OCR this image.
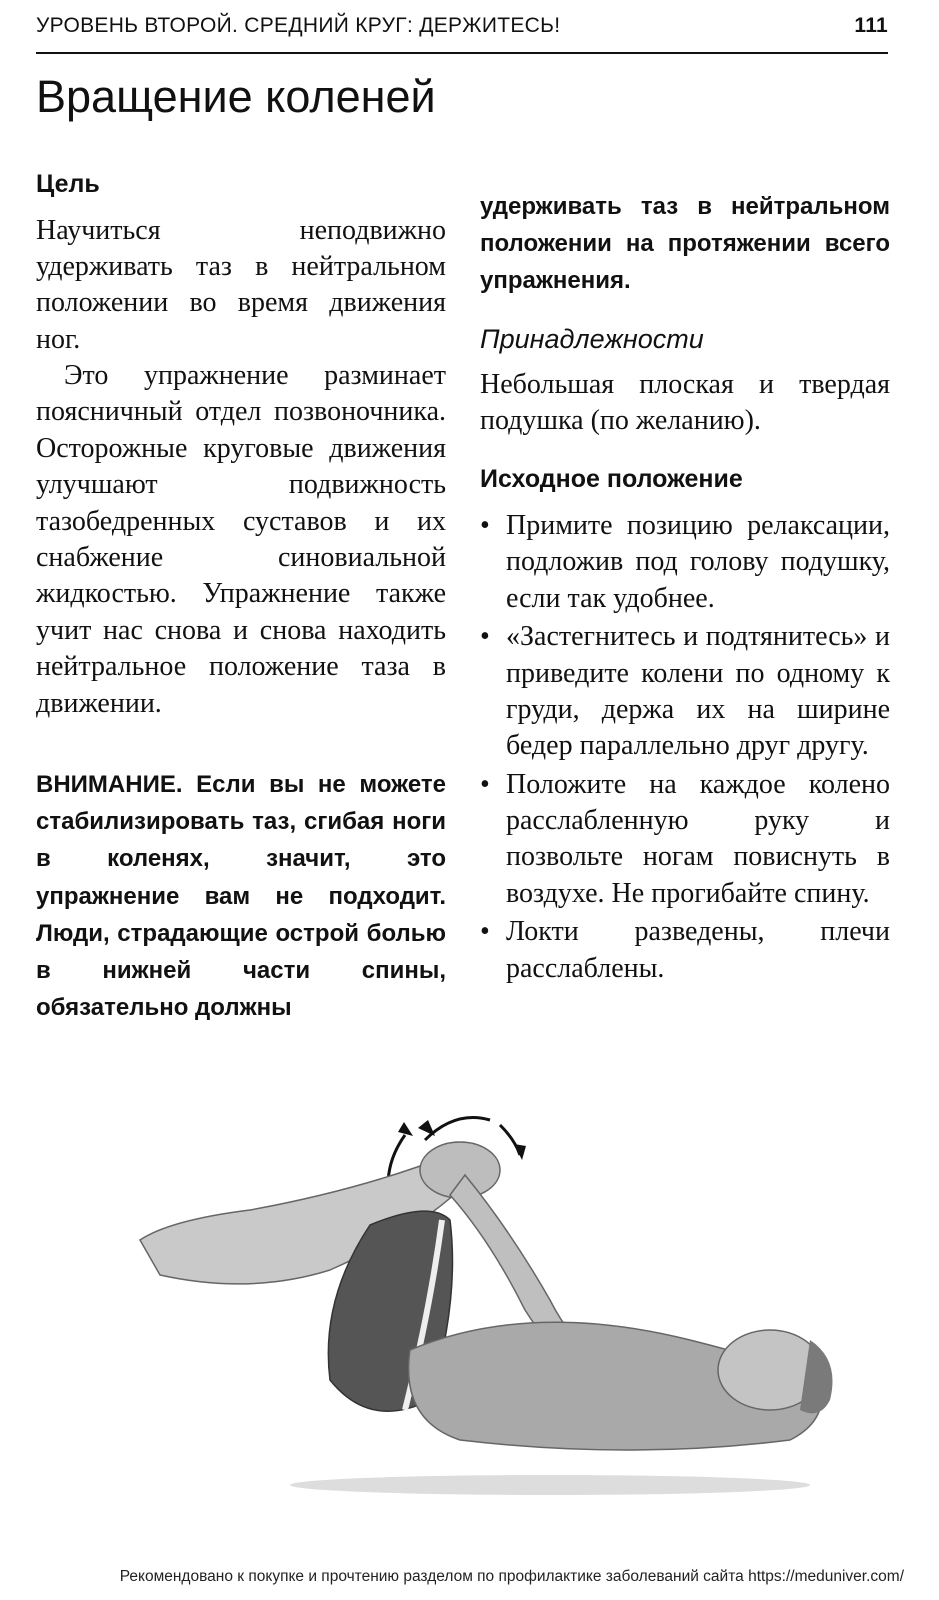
УРОВЕНЬ ВТОРОЙ. СРЕДНИЙ КРУГ: ДЕРЖИТЕСЬ!	111
Вращение коленей
Цель

Научиться неподвижно удерживать таз в нейтральном положении во время движения ног.

Это упражнение разминает поясничный отдел позвоночника. Осторожные круговые движения улучшают подвижность тазобедренных суставов и их снабжение синовиальной жидкостью. Упражнение также учит нас снова и снова находить нейтральное положение таза в движении.

ВНИМАНИЕ. Если вы не можете стабилизировать таз, сгибая ноги в коленях, значит, это упражнение вам не подходит. Люди, страдающие острой болью в нижней части спины, обязательно должны

удерживать таз в нейтральном положении на протяжении всего упражнения.

Принадлежности

Небольшая плоская и твердая подушка (по желанию).

Исходное положение
• Примите позицию релаксации, подложив под голову подушку, если так удобнее.
• «Застегнитесь и подтянитесь» и приведите колени по одному к груди, держа их на ширине бедер параллельно друг другу.
• Положите на каждое колено расслабленную руку и позвольте ногам повиснуть в воздухе. Не прогибайте спину.
• Локти разведены, плечи расслаблены.
Рекомендовано к покупке и прочтению разделом по профилактике заболеваний сайта https://meduniver.com/
